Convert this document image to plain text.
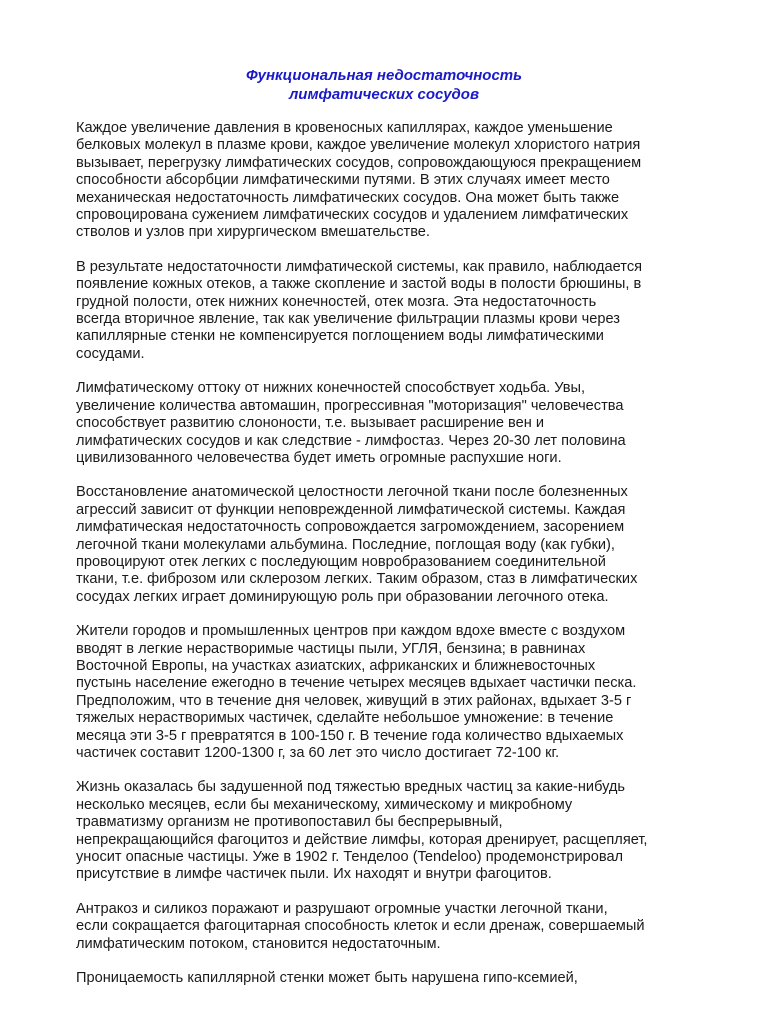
Функциональная недостаточность
лимфатических сосудов

Каждое увеличение давления в кровеносных капиллярах, каждое уменьшение
белковых молекул в плазме крови, каждое увеличение молекул хлористого натрия
вызывает, перегрузку лимфатических сосудов, сопровождающуюся прекращением
способности абсорбции лимфатическими путями. В этих случаях имеет место
механическая недостаточность лимфатических сосудов. Она может быть также
спровоцирована сужением лимфатических сосудов и удалением лимфатических
стволов и узлов при хирургическом вмешательстве.

В результате недостаточности лимфатической системы, как правило, наблюдается
появление кожных отеков, а также скопление и застой воды в полости брюшины, в
грудной полости, отек нижних конечностей, отек мозга. Эта недостаточность
всегда вторичное явление, так как увеличение фильтрации плазмы крови через
капиллярные стенки не компенсируется поглощением воды лимфатическими
сосудами.

Лимфатическому оттоку от нижних конечностей способствует ходьба. Увы,
увеличение количества автомашин, прогрессивная "моторизация" человечества
способствует развитию слононости, т.е. вызывает расширение вен и
лимфатических сосудов и как следствие - лимфостаз. Через 20-30 лет половина
цивилизованного человечества будет иметь огромные распухшие ноги.

Восстановление анатомической целостности легочной ткани после болезненных
агрессий зависит от функции неповрежденной лимфатической системы. Каждая
лимфатическая недостаточность сопровождается загромождением, засорением
легочной ткани молекулами альбумина. Последние, поглощая воду (как губки),
провоцируют отек легких с последующим новробразованием соединительной
ткани, т.е. фиброзом или склерозом легких. Таким образом, стаз в лимфатических
сосудах легких играет доминирующую роль при образовании легочного отека.

Жители городов и промышленных центров при каждом вдохе вместе с воздухом
вводят в легкие нерастворимые частицы пыли, УГЛЯ, бензина; в равнинах
Восточной Европы, на участках азиатских, африканских и ближневосточных
пустынь население ежегодно в течение четырех месяцев вдыхает частички песка.
Предположим, что в течение дня человек, живущий в этих районах, вдыхает 3-5 г
тяжелых нерастворимых частичек, сделайте небольшое умножение: в течение
месяца эти 3-5 г превратятся в 100-150 г. В течение года количество вдыхаемых
частичек составит 1200-1300 г, за 60 лет это число достигает 72-100 кг.

Жизнь оказалась бы задушенной под тяжестью вредных частиц за какие-нибудь
несколько месяцев, если бы механическому, химическому и микробному
травматизму организм не противопоставил бы беспрерывный,
непрекращающийся фагоцитоз и действие лимфы, которая дренирует, расщепляет,
уносит опасные частицы. Уже в 1902 г. Тенделоо (Tendeloo) продемонстрировал
присутствие в лимфе частичек пыли. Их находят и внутри фагоцитов.

Антракоз и силикоз поражают и разрушают огромные участки легочной ткани,
если сокращается фагоцитарная способность клеток и если дренаж, совершаемый
лимфатическим потоком, становится недостаточным.

Проницаемость капиллярной стенки может быть нарушена гипо-ксемией,
